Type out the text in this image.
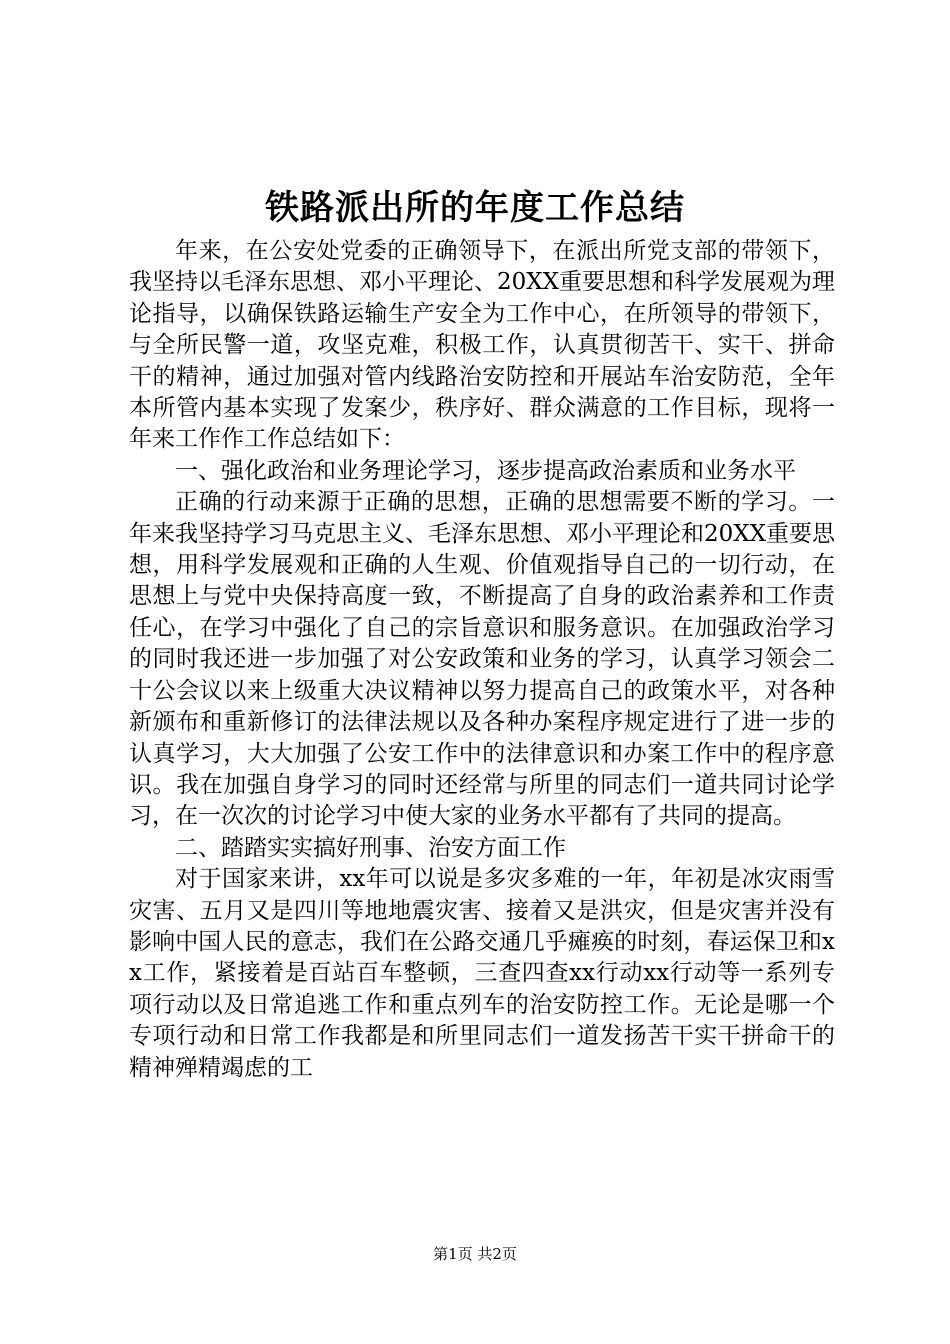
铁路派出所的年度工作总结

年来，在公安处党委的正确领导下，在派出所党支部的带领下，我坚持以毛泽东思想、邓小平理论、20XX重要思想和科学发展观为理论指导，以确保铁路运输生产安全为工作中心，在所领导的带领下，与全所民警一道，攻坚克难，积极工作，认真贯彻苦干、实干、拼命干的精神，通过加强对管内线路治安防控和开展站车治安防范，全年本所管内基本实现了发案少，秩序好、群众满意的工作目标，现将一年来工作作工作总结如下：

一、强化政治和业务理论学习，逐步提高政治素质和业务水平

正确的行动来源于正确的思想，正确的思想需要不断的学习。一年来我坚持学习马克思主义、毛泽东思想、邓小平理论和20XX重要思想，用科学发展观和正确的人生观、价值观指导自己的一切行动，在思想上与党中央保持高度一致，不断提高了自身的政治素养和工作责任心，在学习中强化了自己的宗旨意识和服务意识。在加强政治学习的同时我还进一步加强了对公安政策和业务的学习，认真学习领会二十公会议以来上级重大决议精神以努力提高自己的政策水平，对各种新颁布和重新修订的法律法规以及各种办案程序规定进行了进一步的认真学习，大大加强了公安工作中的法律意识和办案工作中的程序意识。我在加强自身学习的同时还经常与所里的同志们一道共同讨论学习，在一次次的讨论学习中使大家的业务水平都有了共同的提高。

二、踏踏实实搞好刑事、治安方面工作

对于国家来讲，xx年可以说是多灾多难的一年，年初是冰灾雨雪灾害、五月又是四川等地地震灾害、接着又是洪灾，但是灾害并没有影响中国人民的意志，我们在公路交通几乎瘫痪的时刻，春运保卫和xx工作，紧接着是百站百车整顿，三查四查xx行动xx行动等一系列专项行动以及日常追逃工作和重点列车的治安防控工作。无论是哪一个专项行动和日常工作我都是和所里同志们一道发扬苦干实干拼命干的精神殚精竭虑的工

第1页 共2页
